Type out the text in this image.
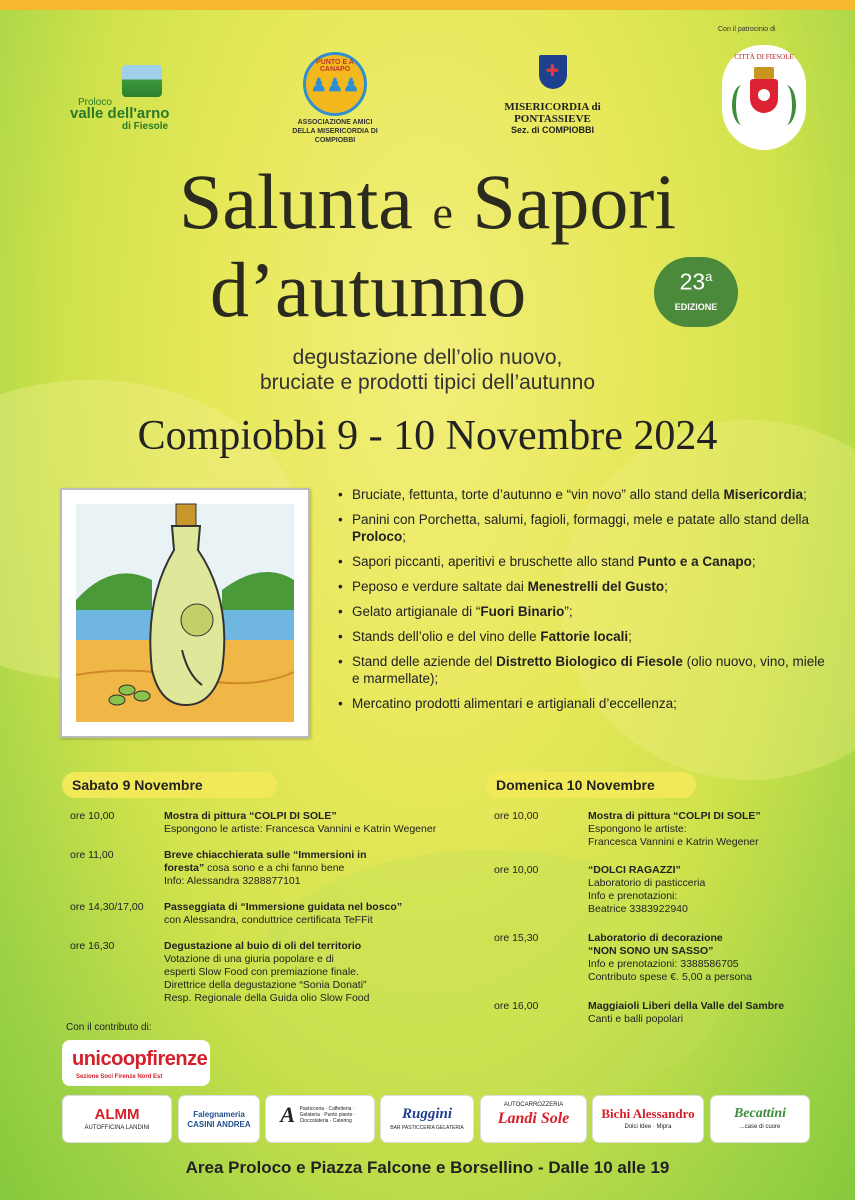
Proloco
valle dell'arno
di Fiesole
PUNTO E A CANAPO
♟♟♟
ASSOCIAZIONE AMICI DELLA MISERICORDIA DI COMPIOBBI
✚
MISERICORDIA di PONTASSIEVE
Sez. di COMPIOBBI
Con il patrocinio di
CITTÀ DI FIESOLE
Salunta e Sapori
d’autunno	23$^a$
EDIZIONE
degustazione dell’olio nuovo,
bruciate e prodotti tipici dell’autunno
Compiobbi 9 - 10 Novembre 2024
• Bruciate, fettunta, torte d’autunno e “vin novo” allo stand della Misericordia;
• Panini con Porchetta, salumi, fagioli, formaggi, mele e patate allo stand della Proloco;
• Sapori piccanti, aperitivi e bruschette allo stand Punto e a Canapo;
• Peposo e verdure saltate dai Menestrelli del Gusto;
• Gelato artigianale di “Fuori Binario”;
• Stands dell’olio e del vino delle Fattorie locali;
• Stand delle aziende del Distretto Biologico di Fiesole (olio nuovo, vino, miele e marmellate);
• Mercatino prodotti alimentari e artigianali d’eccellenza;
Sabato 9 Novembre
ore 10,00	Mostra di pittura “COLPI DI SOLE”
Espongono le artiste: Francesca Vannini e Katrin Wegener
ore 11,00	Breve chiacchierata sulle “Immersioni in foresta” cosa sono e a chi fanno bene
Info: Alessandra 3288877101
ore 14,30/17,00 Passeggiata di “Immersione guidata nel bosco”
con Alessandra, conduttrice certificata TeFFit
ore 16,30	Degustazione al buio di oli del territorio
Votazione di una giuria popolare e di
esperti Slow Food con premiazione finale.
Direttrice della degustazione “Sonia Donati”
Resp. Regionale della Guida olio Slow Food
Domenica 10 Novembre
ore 10,00	Mostra di pittura “COLPI DI SOLE”
Espongono le artiste:
Francesca Vannini e Katrin Wegener
ore 10,00	“DOLCI RAGAZZI”
Laboratorio di pasticceria
Info e prenotazioni:
Beatrice 3383922940
ore 15,30	Laboratorio di decorazione
“NON SONO UN SASSO”
Info e prenotazioni: 3388586705
Contributo spese €. 5,00 a persona
ore 16,00	Maggiaioli Liberi della Valle del Sambre
Canti e balli popolari
Con il contributo di:
unicoopfirenze
Sezione Soci Firenze Nord Est
ALMM
AUTOFFICINA LANDINI
Falegnameria CASINI ANDREA	A Pasticceria · Caffetteria · Gelateria · Punto piante · Cioccolateria · Catering	Ruggini
BAR PASTICCERIA GELATERIA
AUTOCARROZZERIA
Landi Sole	Bichi Alessandro
Dolci Idee · Mipra
Becattini
...case di cuore
Area Proloco e Piazza Falcone e Borsellino - Dalle 10 alle 19
